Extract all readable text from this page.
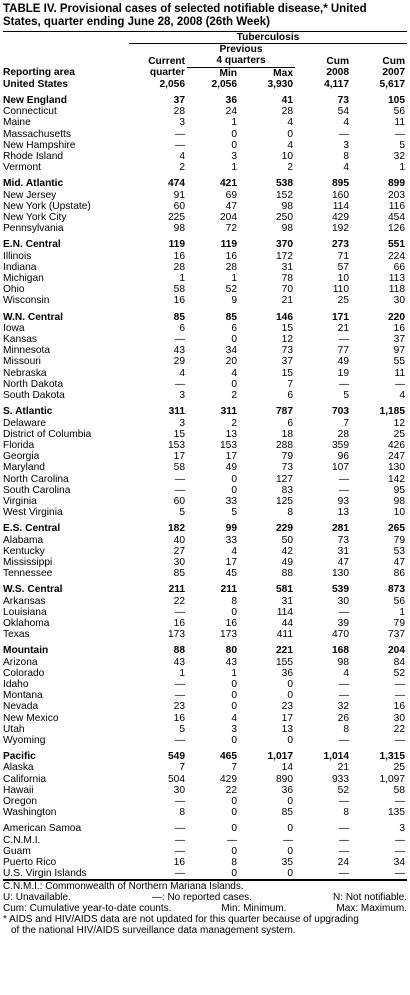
TABLE IV. Provisional cases of selected notifiable disease,* United
States, quarter ending June 28, 2008 (26th Week)
	Tuberculosis				
		Previous			
	Current	4 quarters		Cum	Cum
Reporting area	quarter	Min	Max	2008	2007
United States	2,056	2,056	3,930	4,117	5,617

New England	37	36	41	73	105
Connecticut	28	24	28	54	56
Maine	3	1	4	4	11
Massachusetts	—	0	0	—	—
New Hampshire	—	0	4	3	5
Rhode Island	4	3	10	8	32
Vermont	2	1	2	4	1

Mid. Atlantic	474	421	538	895	899
New Jersey	91	69	152	160	203
New York (Upstate)	60	47	98	114	116
New York City	225	204	250	429	454
Pennsylvania	98	72	98	192	126

E.N. Central	119	119	370	273	551
Illinois	16	16	172	71	224
Indiana	28	28	31	57	66
Michigan	1	1	78	10	113
Ohio	58	52	70	110	118
Wisconsin	16	9	21	25	30

W.N. Central	85	85	146	171	220
Iowa	6	6	15	21	16
Kansas	—	0	12	—	37
Minnesota	43	34	73	77	97
Missouri	29	20	37	49	55
Nebraska	4	4	15	19	11
North Dakota	—	0	7	—	—
South Dakota	3	2	6	5	4

S. Atlantic	311	311	787	703	1,185
Delaware	3	2	6	7	12
District of Columbia	15	13	18	28	25
Florida	153	153	288	359	426
Georgia	17	17	79	96	247
Maryland	58	49	73	107	130
North Carolina	—	0	127	—	142
South Carolina	—	0	83	—	95
Virginia	60	33	125	93	98
West Virginia	5	5	8	13	10

E.S. Central	182	99	229	281	265
Alabama	40	33	50	73	79
Kentucky	27	4	42	31	53
Mississippi	30	17	49	47	47
Tennessee	85	45	88	130	86

W.S. Central	211	211	581	539	873
Arkansas	22	8	31	30	56
Louisiana	—	0	114	—	1
Oklahoma	16	16	44	39	79
Texas	173	173	411	470	737

Mountain	88	80	221	168	204
Arizona	43	43	155	98	84
Colorado	1	1	36	4	52
Idaho	—	0	0	—	—
Montana	—	0	0	—	—
Nevada	23	0	23	32	16
New Mexico	16	4	17	26	30
Utah	5	3	13	8	22
Wyoming	—	0	0	—	—

Pacific	549	465	1,017	1,014	1,315
Alaska	7	7	14	21	25
California	504	429	890	933	1,097
Hawaii	30	22	36	52	58
Oregon	—	0	0	—	—
Washington	8	0	85	8	135

American Samoa	—	0	0	—	3
C.N.M.I.	—	—	—	—	—
Guam	—	0	0	—	—
Puerto Rico	16	8	35	24	34
U.S. Virgin Islands	—	0	0	—	—
C.N.M.I.: Commonwealth of Northern Mariana Islands.
U: Unavailable.	—: No reported cases.	N: Not notifiable.
Cum: Cumulative year-to-date counts.	Min: Minimum.	Max: Maximum.
* AIDS and HIV/AIDS data are not updated for this quarter because of upgrading
of the national HIV/AIDS surveillance data management system.
